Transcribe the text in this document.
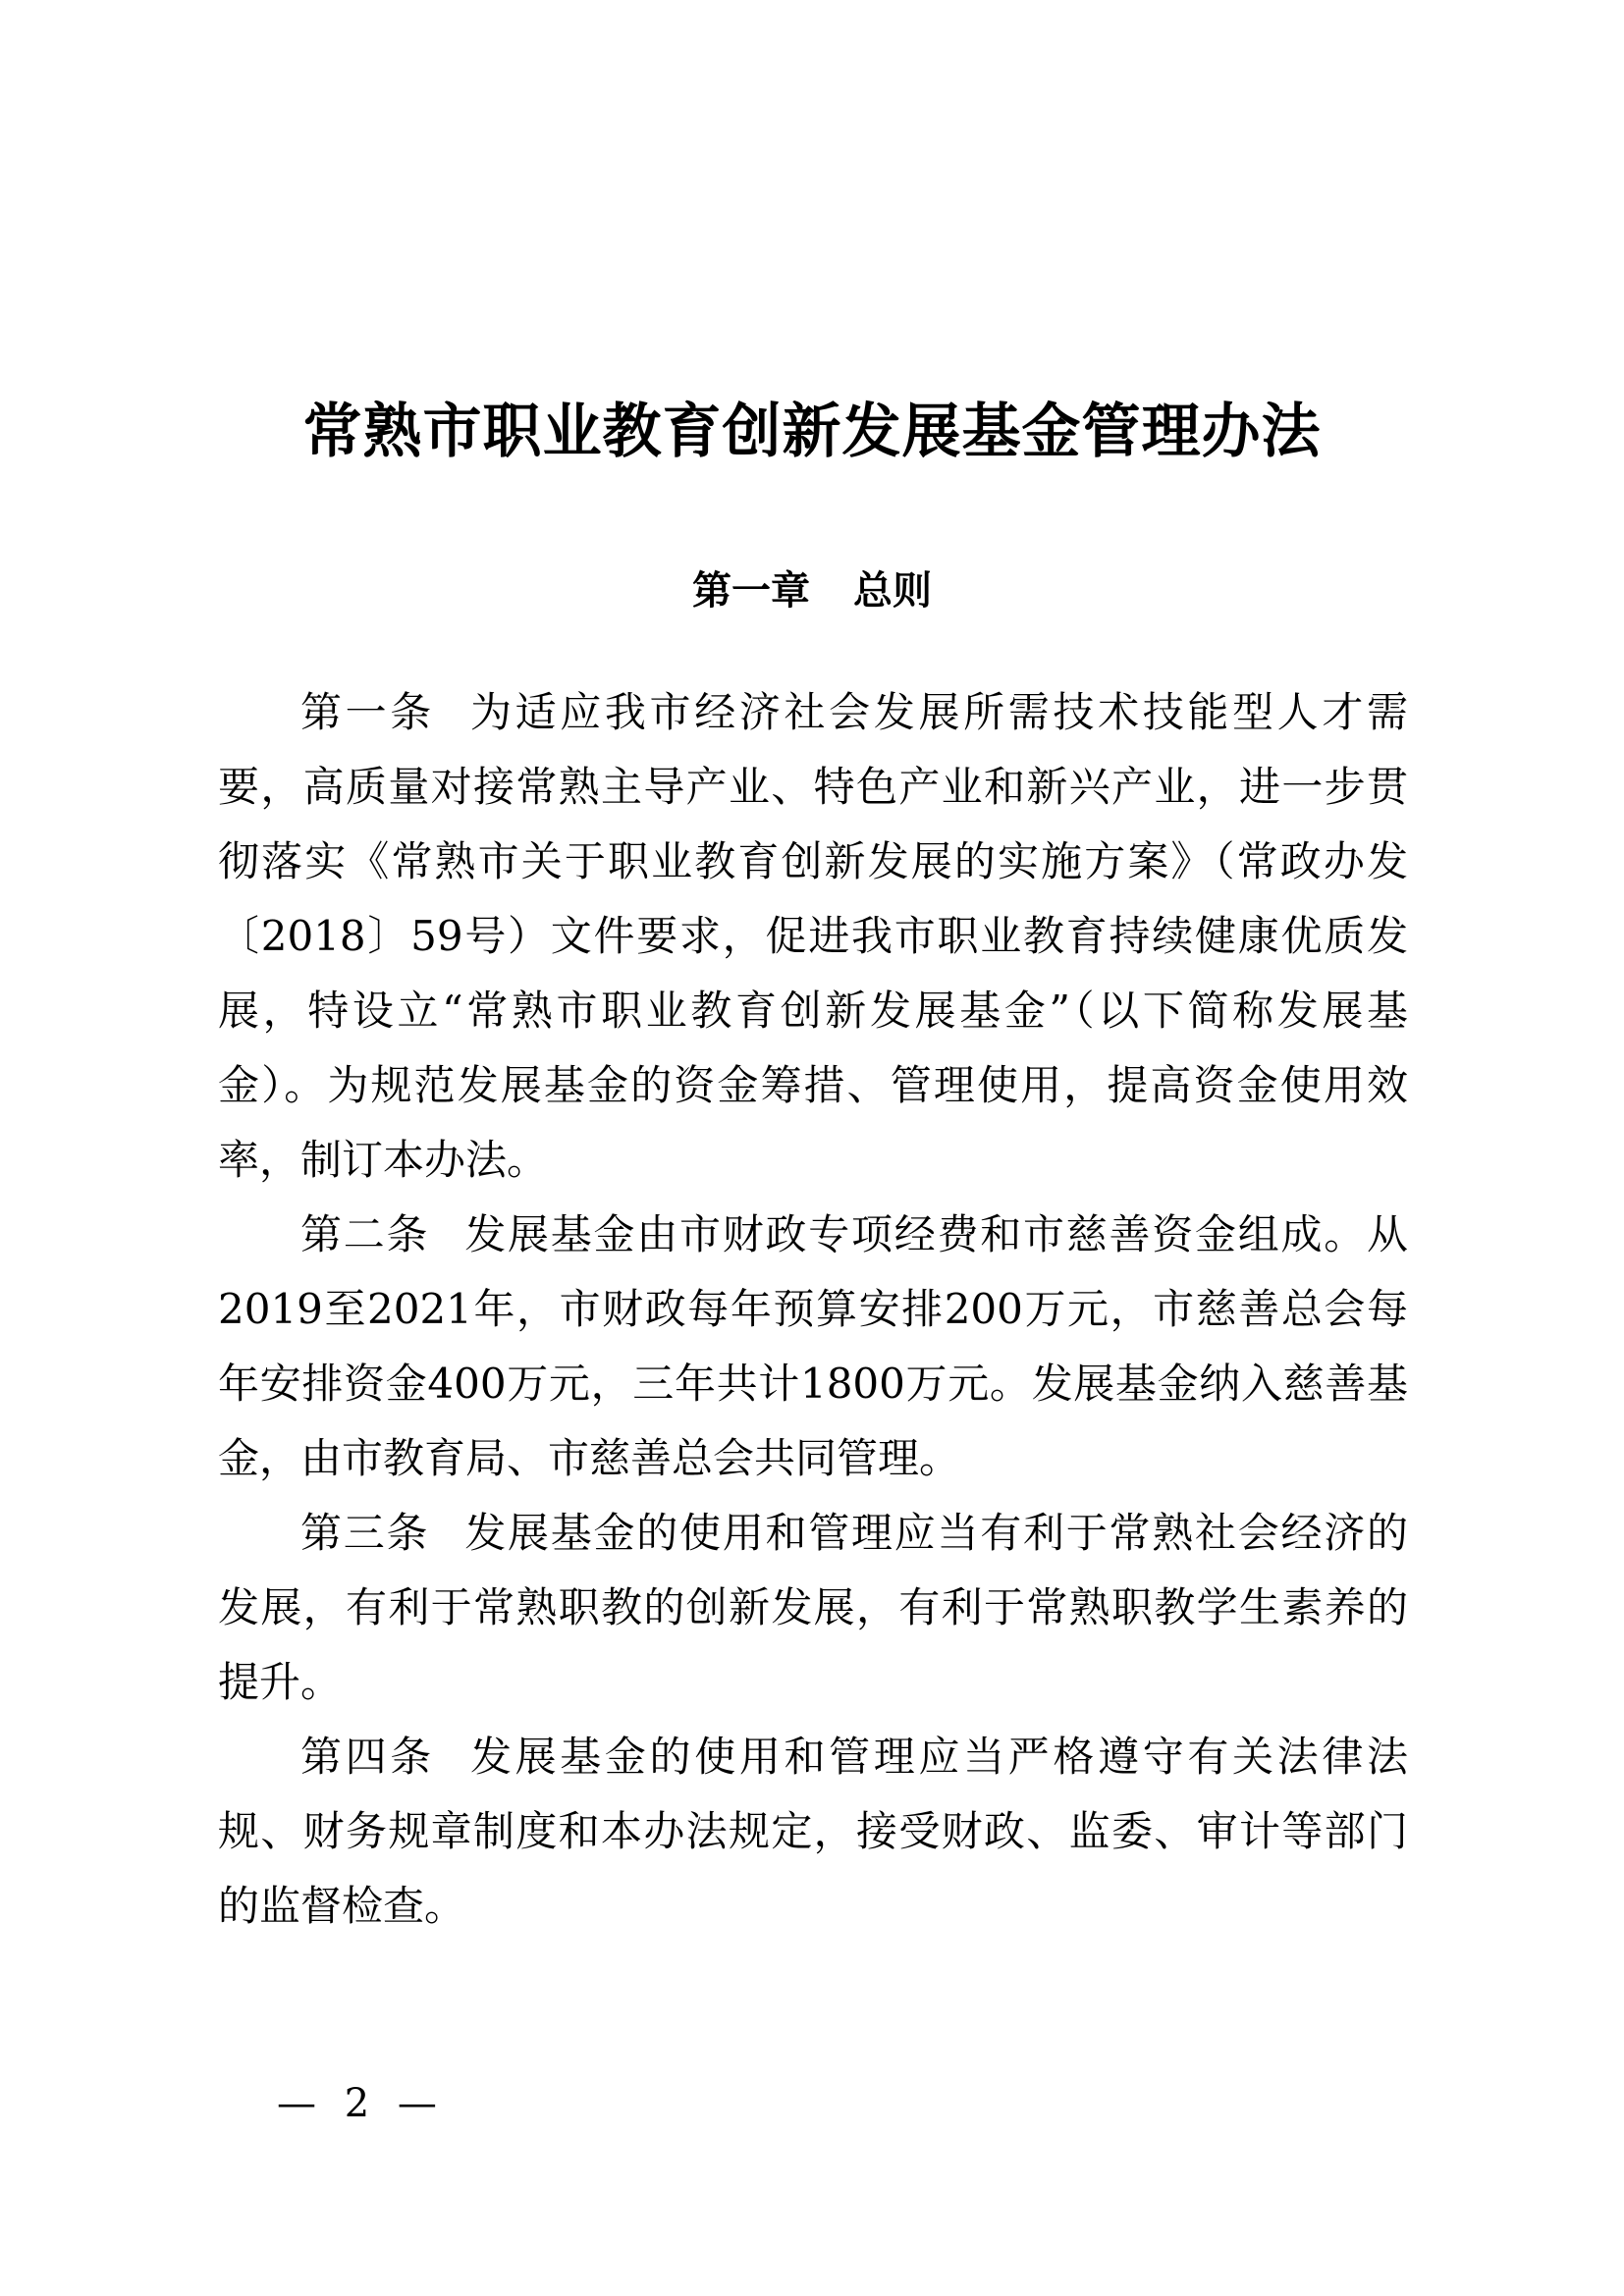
常熟市职业教育创新发展基金管理办法
第一章 总则

第一条 为适应我市经济社会发展所需技术技能型人才需要，高质量对接常熟主导产业、特色产业和新兴产业，进一步贯彻落实《常熟市关于职业教育创新发展的实施方案》（常政办发〔2018〕59号）文件要求，促进我市职业教育持续健康优质发展，特设立“常熟市职业教育创新发展基金”（以下简称发展基金）。为规范发展基金的资金筹措、管理使用，提高资金使用效率，制订本办法。

第二条 发展基金由市财政专项经费和市慈善资金组成。从2019至2021年，市财政每年预算安排200万元，市慈善总会每年安排资金400万元，三年共计1800万元。发展基金纳入慈善基金，由市教育局、市慈善总会共同管理。

第三条 发展基金的使用和管理应当有利于常熟社会经济的发展，有利于常熟职教的创新发展，有利于常熟职教学生素养的提升。

第四条 发展基金的使用和管理应当严格遵守有关法律法规、财务规章制度和本办法规定，接受财政、监委、审计等部门的监督检查。

— 2 —
